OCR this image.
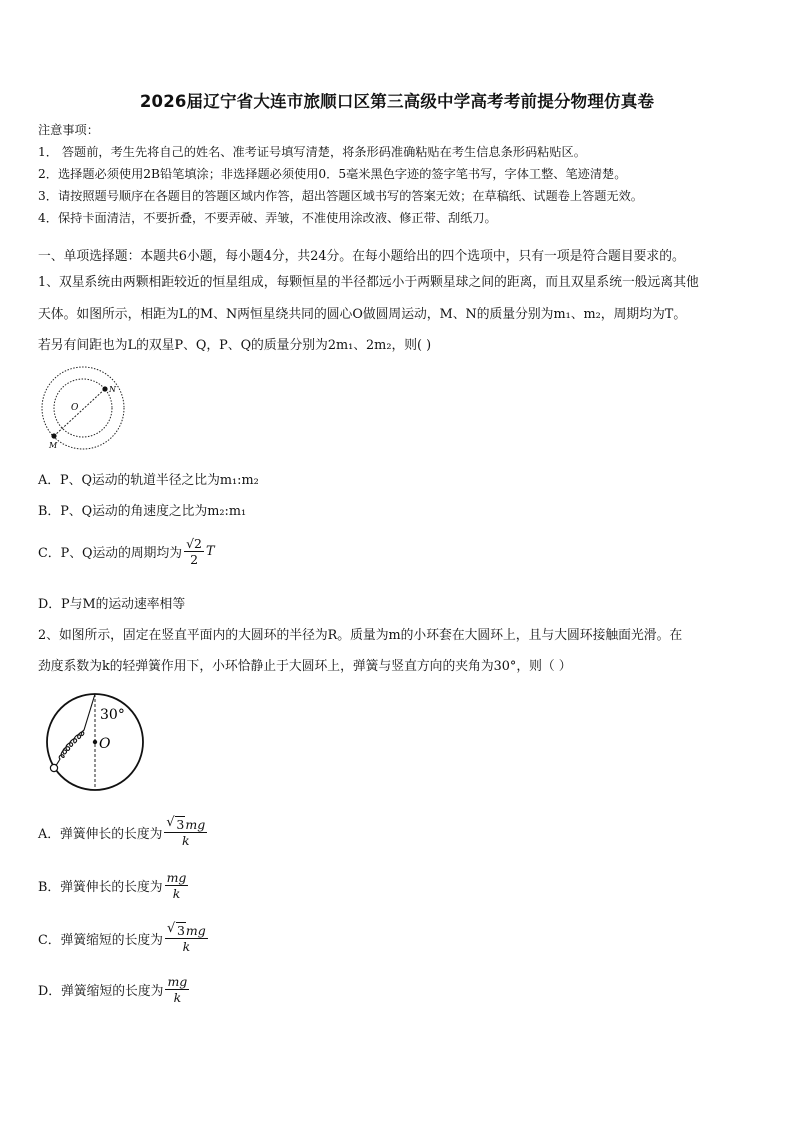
2026届辽宁省大连市旅顺口区第三高级中学高考考前提分物理仿真卷
注意事项：
1． 答题前，考生先将自己的姓名、准考证号填写清楚，将条形码准确粘贴在考生信息条形码粘贴区。
2．选择题必须使用2B铅笔填涂；非选择题必须使用0．5毫米黑色字迹的签字笔书写，字体工整、笔迹清楚。
3．请按照题号顺序在各题目的答题区域内作答，超出答题区域书写的答案无效；在草稿纸、试题卷上答题无效。
4．保持卡面清洁，不要折叠，不要弄破、弄皱，不准使用涂改液、修正带、刮纸刀。
一、单项选择题：本题共6小题，每小题4分，共24分。在每小题给出的四个选项中，只有一项是符合题目要求的。
1、双星系统由两颗相距较近的恒星组成，每颗恒星的半径都远小于两颗星球之间的距离，而且双星系统一般远离其他
天体。如图所示，相距为L的M、N两恒星绕共同的圆心O做圆周运动，M、N的质量分别为m₁、m₂，周期均为T。
若另有间距也为L的双星P、Q，P、Q的质量分别为2m₁、2m₂，则( )
O
N
M
A．P、Q运动的轨道半径之比为m₁:m₂
B．P、Q运动的角速度之比为m₂:m₁
C．P、Q运动的周期均为 $\frac{√2}{2}$ T
D．P与M的运动速率相等
2、如图所示，固定在竖直平面内的大圆环的半径为R。质量为m的小环套在大圆环上，且与大圆环接触面光滑。在
劲度系数为k的轻弹簧作用下，小环恰静止于大圆环上，弹簧与竖直方向的夹角为30°，则（ ）
30°
O
A．弹簧伸长的长度为 $\frac{√ 3mg}{k}$
B．弹簧伸长的长度为 $\frac{mg}{k}$
C．弹簧缩短的长度为 $\frac{√ 3mg}{k}$
D．弹簧缩短的长度为 $\frac{mg}{k}$
